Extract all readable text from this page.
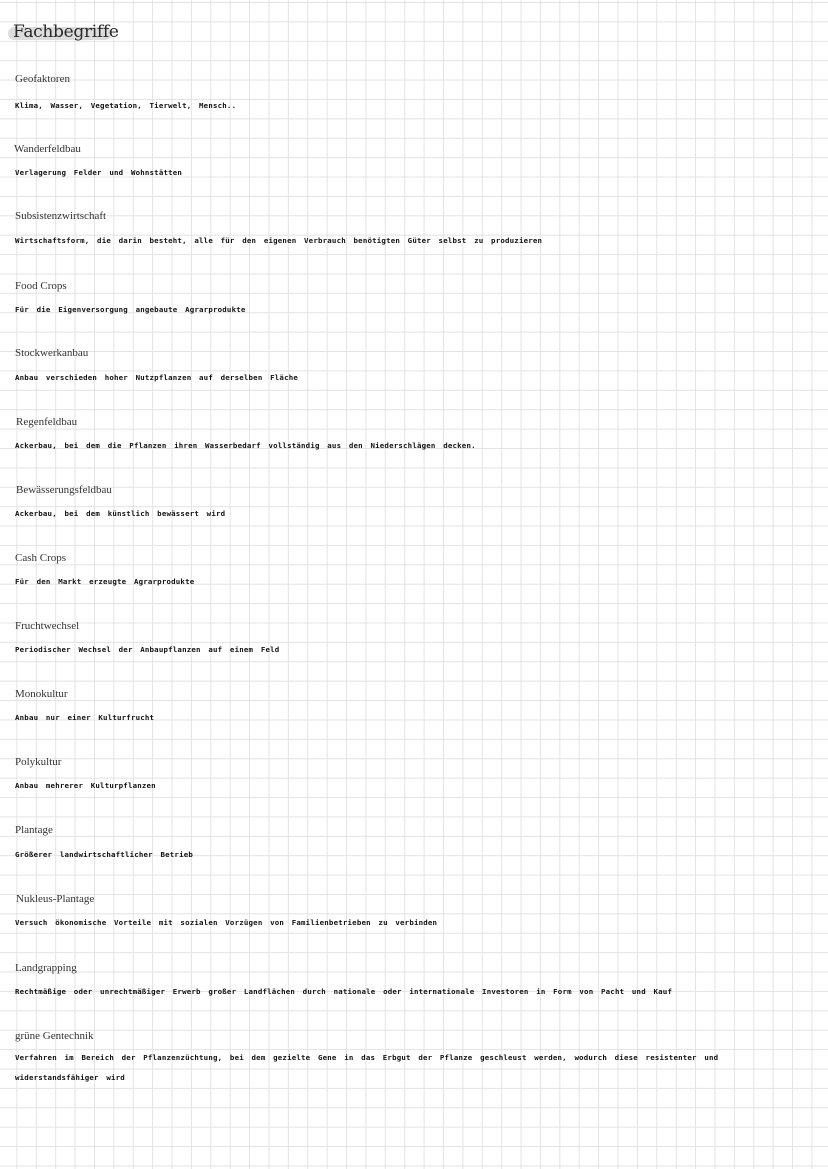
Fachbegriffe
Geofaktoren
Klima, Wasser, Vegetation, Tierwelt, Mensch..
Wanderfeldbau
Verlagerung Felder und Wohnstätten
Subsistenzwirtschaft
Wirtschaftsform, die darin besteht, alle für den eigenen Verbrauch benötigten Güter selbst zu produzieren
Food Crops
Für die Eigenversorgung angebaute Agrarprodukte
Stockwerkanbau
Anbau verschieden hoher Nutzpflanzen auf derselben Fläche
Regenfeldbau
Ackerbau, bei dem die Pflanzen ihren Wasserbedarf vollständig aus den Niederschlägen decken.
Bewässerungsfeldbau
Ackerbau, bei dem künstlich bewässert wird
Cash Crops
Für den Markt erzeugte Agrarprodukte
Fruchtwechsel
Periodischer Wechsel der Anbaupflanzen auf einem Feld
Monokultur
Anbau nur einer Kulturfrucht
Polykultur
Anbau mehrerer Kulturpflanzen
Plantage
Größerer landwirtschaftlicher Betrieb
Nukleus-Plantage
Versuch ökonomische Vorteile mit sozialen Vorzügen von Familienbetrieben zu verbinden
Landgrapping
Rechtmäßige oder unrechtmäßiger Erwerb großer Landflächen durch nationale oder internationale Investoren in Form von Pacht und Kauf
grüne Gentechnik
Verfahren im Bereich der Pflanzenzüchtung, bei dem gezielte Gene in das Erbgut der Pflanze geschleust werden, wodurch diese resistenter und widerstandsfähiger wird
